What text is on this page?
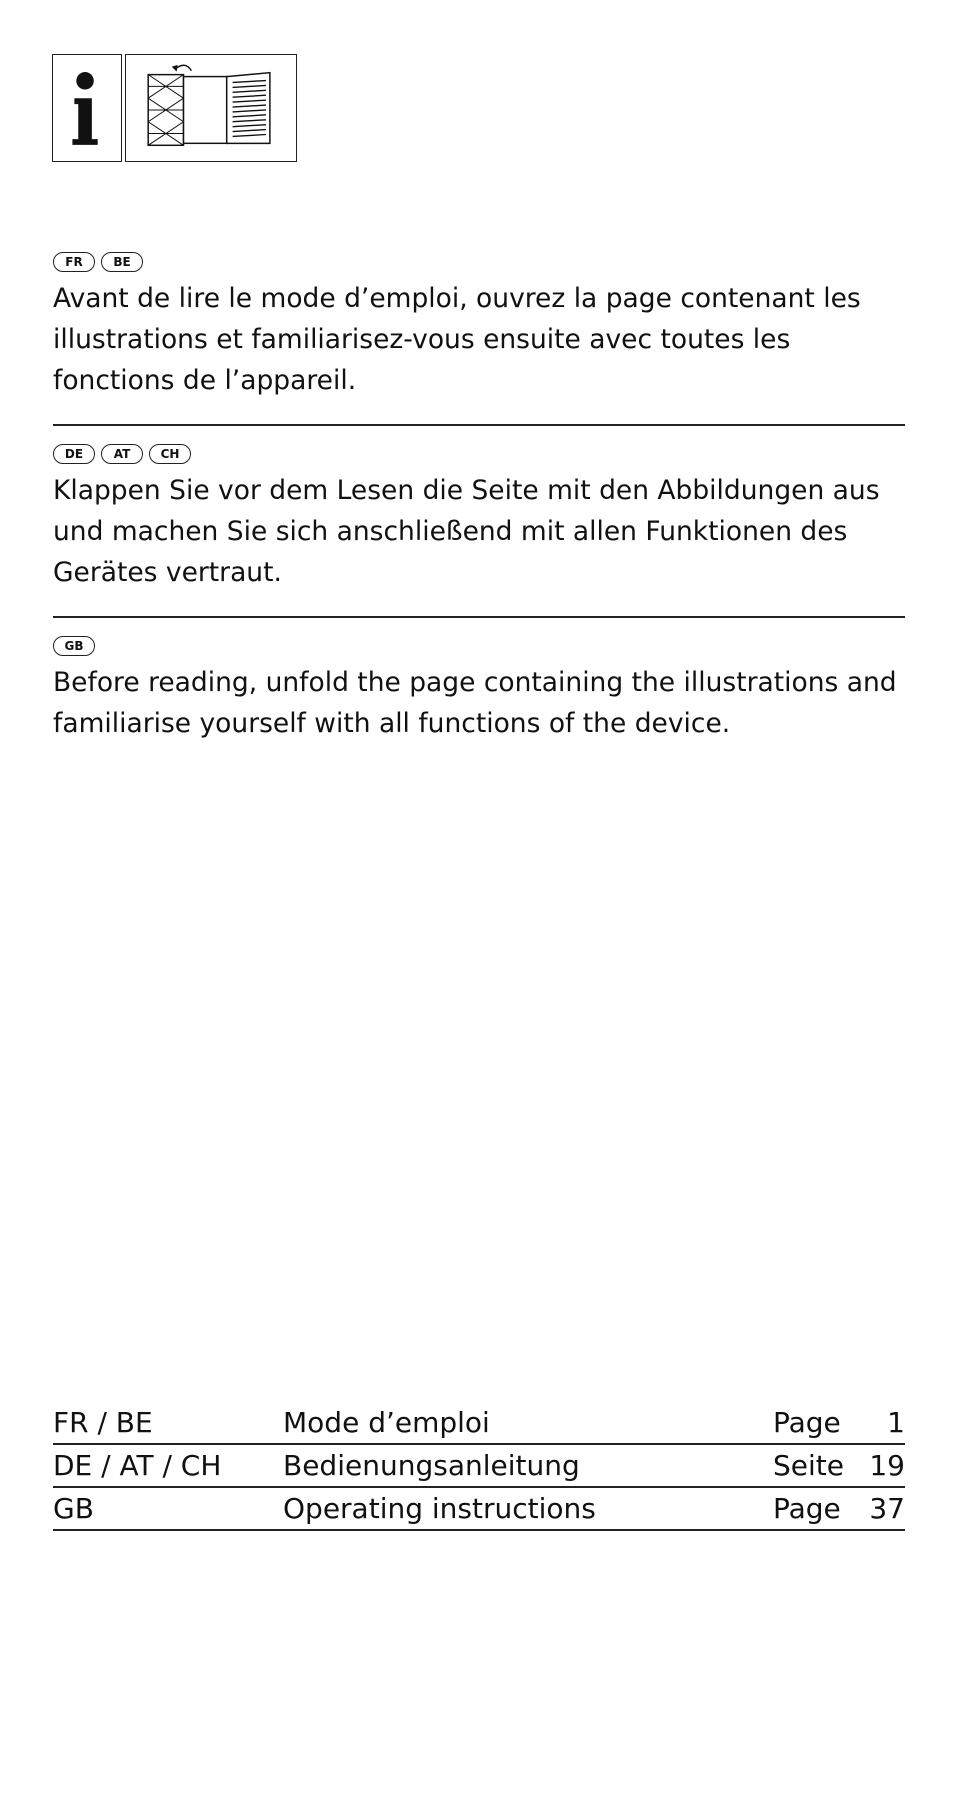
FR	BE

Avant de lire le mode d’emploi, ouvrez la page contenant les illustrations et familiarisez-vous ensuite avec toutes les fonctions de l’appareil.

DE	AT	CH

Klappen Sie vor dem Lesen die Seite mit den Abbildungen aus und machen Sie sich anschließend mit allen Funktionen des Gerätes vertraut.

GB

Before reading, unfold the page containing the illustrations and familiarise yourself with all functions of the device.

FR / BE	Mode d’emploi	Page	1
DE / AT / CH	Bedienungsanleitung	Seite 19
GB	Operating instructions	Page	37
